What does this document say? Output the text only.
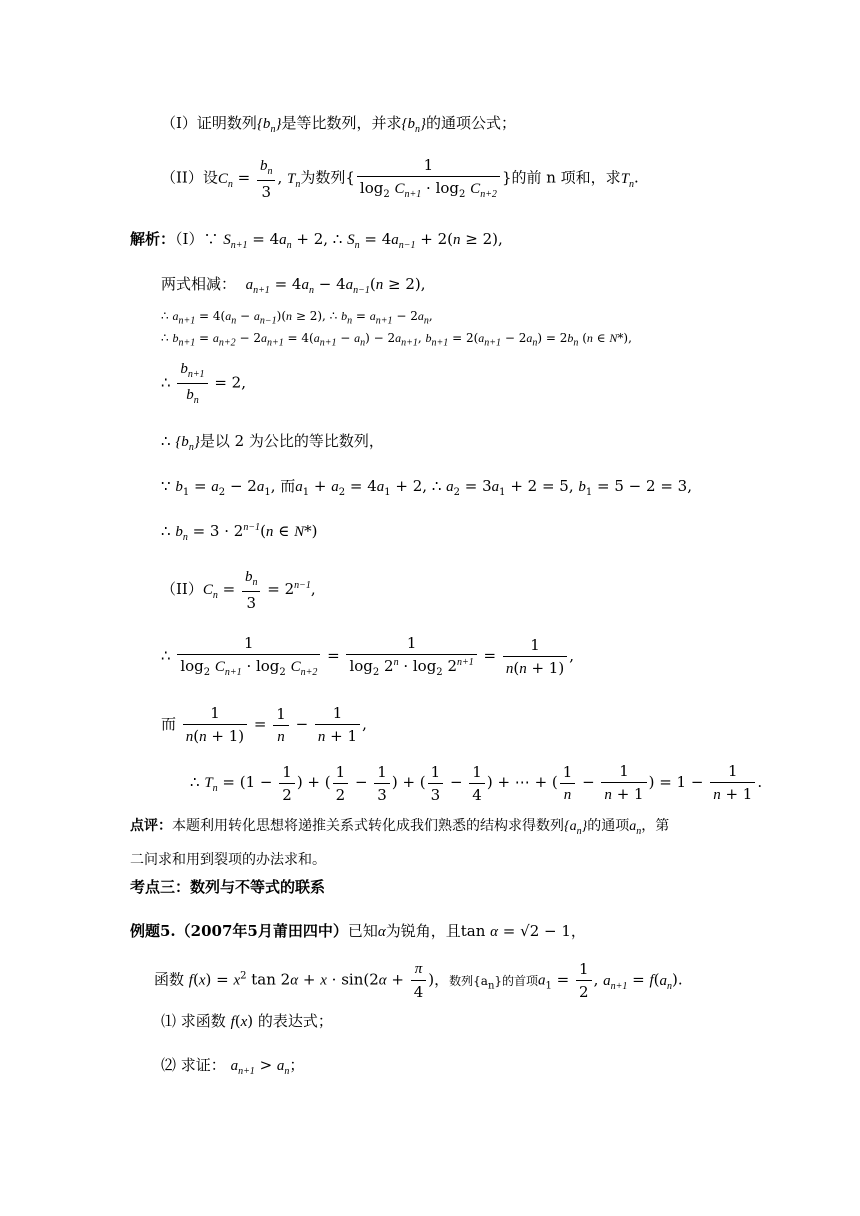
（I）证明数列$\{b_n\}$是等比数列，并求$\{b_n\}$的通项公式；
（II）设$C_n = \frac{b_n}{3}$ , $T_n$为数列{ $\frac{1}{\log_2 C_{n+1} \cdot \log_2 C_{n+2}}$ }的前 n 项和，求$T_n$.
解析：（I）∵ $S_{n+1} = 4a_n + 2$, ∴ $S_n = 4a_{n-1} + 2(n \ge 2)$,
两式相减： $a_{n+1} = 4a_n - 4a_{n-1}(n \ge 2)$,
∴ $a_{n+1} = 4(a_n - a_{n-1})(n \ge 2)$, ∴ $b_n = a_{n+1} - 2a_n$,
∴ $b_{n+1} = a_{n+2} - 2a_{n+1} = 4(a_{n+1} - a_n) - 2a_{n+1}$, $b_{n+1} = 2(a_{n+1} - 2a_n) = 2b_n$ (n ∈ N*),
∴ $\frac{b_{n+1}}{b_n} = 2$,
∴ $\{b_n\}$是以 2 为公比的等比数列，
∵ $b_1 = a_2 - 2a_1$, 而$a_1 + a_2 = 4a_1 + 2$, ∴ $a_2 = 3a_1 + 2 = 5$, $b_1 = 5 - 2 = 3$,
∴ $b_n = 3 \cdot 2^{n-1}(n$ ∈ N*)
$(II)C_n = \frac{b_n}{3} = 2^{n-1}$,
∴ $\frac{1}{\log_2 C_{n+1} \cdot \log_2 C_{n+2}} = \frac{1}{\log_2 2^n \cdot \log_2 2^{n+1}} = \frac{1}{n(n + 1)}$ ,
而 $\frac{1}{n(n + 1)} = \frac{1}{n} - \frac{1}{n + 1}$ ,
∴ $T_n = (1 - \frac{1}{2}$ ) + ( $\frac{1}{2} - \frac{1}{3}$ ) + ( $\frac{1}{3} - \frac{1}{4}$ ) + ⋯ + ( $\frac{1}{n} - \frac{1}{n + 1}$ ) = $1 - \frac{1}{n + 1}$ .
点评：本题利用转化思想将递推关系式转化成我们熟悉的结构求得数列$\{a_n\}$的通项$a_n$，第
二问求和用到裂项的办法求和。
考点三：数列与不等式的联系
例题5.（2007年5月莆田四中）已知α为锐角，且tan α = √2 − 1，
函数 $f(x) = x^2$ $\tan 2\alpha + x \cdot \sin(2\alpha + \frac{\pi}{4}$ )，数列$\{a_n\}$的首项$a_1 = \frac{1}{2}$ , $a_{n+1} = f(a_n)$.
⑴ 求函数 f(x) 的表达式；
⑵ 求证： $a_{n+1} > a_n$；
